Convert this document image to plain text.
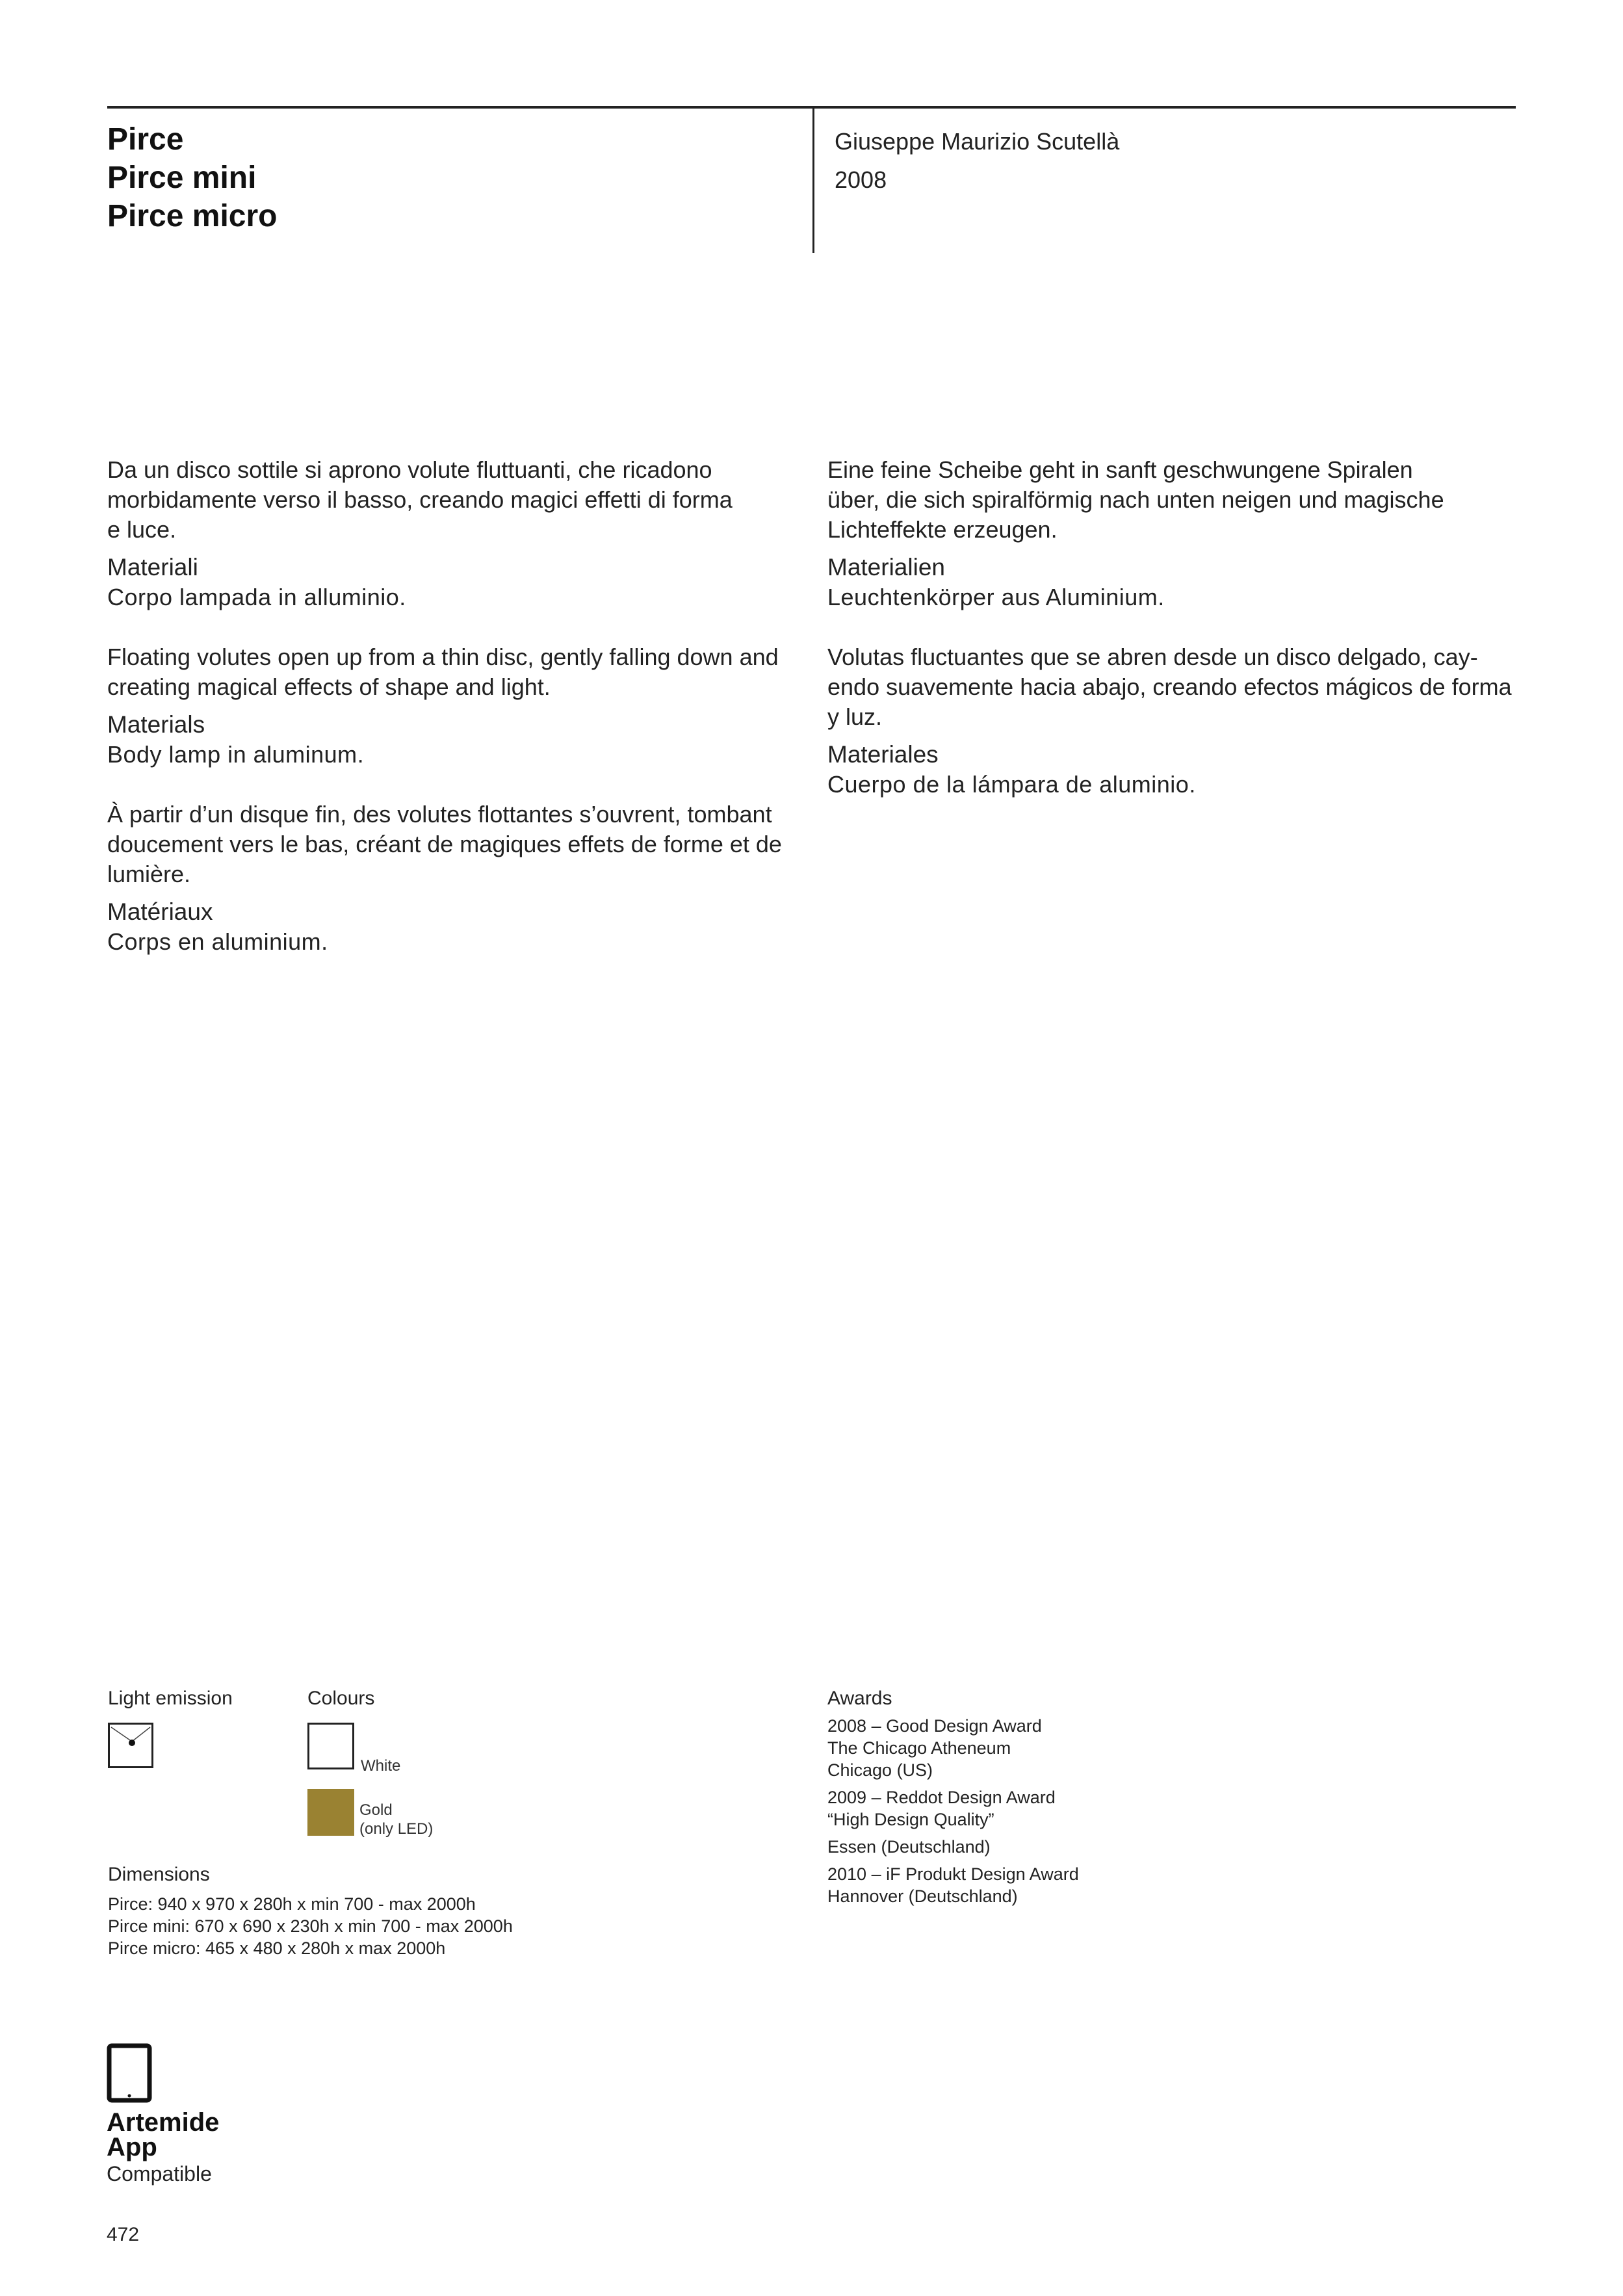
Pirce
Pirce mini
Pirce micro
Giuseppe Maurizio Scutellà
2008

Da un disco sottile si aprono volute fluttuanti, che ricadono
morbidamente verso il basso, creando magici effetti di forma
e luce.

Materiali

Corpo lampada in alluminio.

Floating volutes open up from a thin disc, gently falling down and
creating magical effects of shape and light.

Materials

Body lamp in aluminum.

À partir d’un disque fin, des volutes flottantes s’ouvrent, tombant
doucement vers le bas, créant de magiques effets de forme et de
lumière.

Matériaux

Corps en aluminium.

Eine feine Scheibe geht in sanft geschwungene Spiralen
über, die sich spiralförmig nach unten neigen und magische
Lichteffekte erzeugen.

Materialien

Leuchtenkörper aus Aluminium.

Volutas fluctuantes que se abren desde un disco delgado, cay-
endo suavemente hacia abajo, creando efectos mágicos de forma
y luz.

Materiales

Cuerpo de la lámpara de aluminio.

Light emission	Colours
White
Gold
(only LED)
Dimensions
Pirce: 940 x 970 x 280h x min 700 - max 2000h
Pirce mini: 670 x 690 x 230h x min 700 - max 2000h
Pirce micro: 465 x 480 x 280h x max 2000h
Awards
2008 – Good Design Award
The Chicago Atheneum
Chicago (US)
2009 – Reddot Design Award
“High Design Quality”
Essen (Deutschland)
2010 – iF Produkt Design Award
Hannover (Deutschland)
Artemide
App
Compatible
472
